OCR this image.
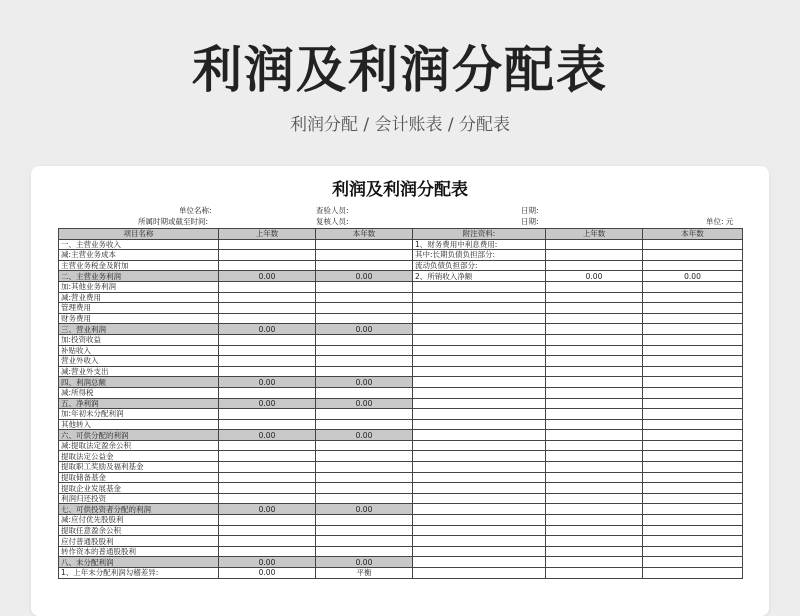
利润及利润分配表
利润分配 / 会计账表 / 分配表
利润及利润分配表
单位名称:
所属时期或截至时间:
查验人员:
复核人员:
日期:
日期:	单位: 元
项目名称	上年数	本年数	附注资料:	上年数	本年数
一、主营业务收入			1、财务费用中利息费用:		
减:主营业务成本			其中:长期负债负担部分:		
主营业务税金及附加			流动负债负担部分:		
二、主营业务利润	0.00	0.00	2、所销收入净额	0.00	0.00
加:其他业务利润					
减:营业费用					
管理费用					
财务费用					
三、营业利润	0.00	0.00			
加:投资收益					
补贴收入					
营业外收入					
减:营业外支出					
四、利润总额	0.00	0.00			
减:所得税					
五、净利润	0.00	0.00			
加:年初未分配利润					
其他转入					
六、可供分配的利润	0.00	0.00			
减:提取法定盈余公积					
提取法定公益金					
提取职工奖励及福利基金					
提取储备基金					
提取企业发展基金					
利润归还投资					
七、可供投资者分配的利润	0.00	0.00			
减:应付优先股股利					
提取任意盈余公积					
应付普通股股利					
转作资本的普通股股利					
八、未分配利润	0.00	0.00			
1、上年未分配利润勾稽差异:	0.00	平衡			
